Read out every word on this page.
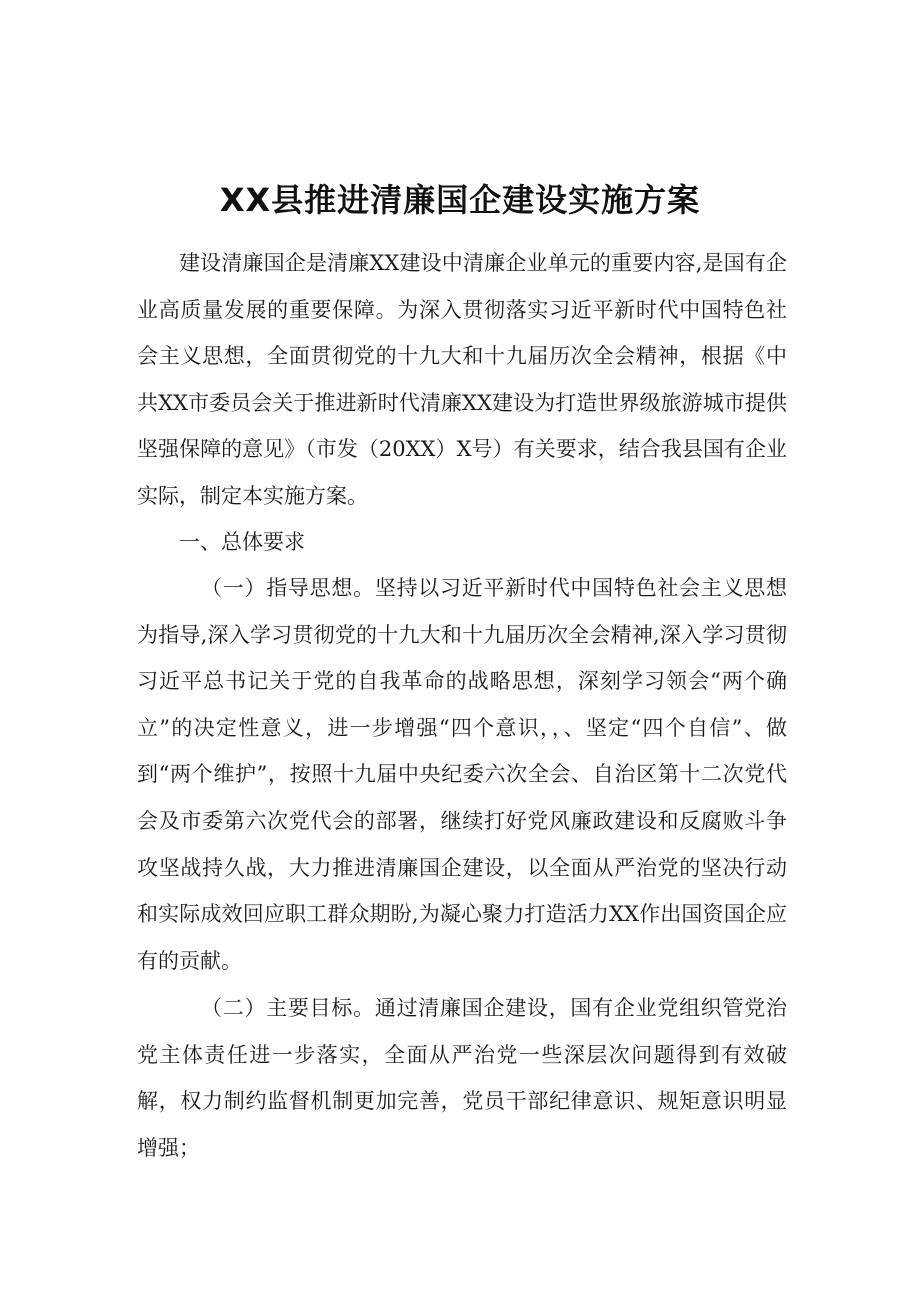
XX县推进清廉国企建设实施方案

建设清廉国企是清廉XX建设中清廉企业单元的重要内容,是国有企业高质量发展的重要保障。为深入贯彻落实习近平新时代中国特色社会主义思想，全面贯彻党的十九大和十九届历次全会精神，根据《中共XX市委员会关于推进新时代清廉XX建设为打造世界级旅游城市提供坚强保障的意见》（市发（20XX）X号）有关要求，结合我县国有企业实际，制定本实施方案。

一、总体要求

（一）指导思想。坚持以习近平新时代中国特色社会主义思想为指导,深入学习贯彻党的十九大和十九届历次全会精神,深入学习贯彻习近平总书记关于党的自我革命的战略思想，深刻学习领会“两个确立”的决定性意义，进一步增强“四个意识，，、坚定“四个自信”、做到“两个维护”，按照十九届中央纪委六次全会、自治区第十二次党代会及市委第六次党代会的部署，继续打好党风廉政建设和反腐败斗争攻坚战持久战，大力推进清廉国企建设，以全面从严治党的坚决行动和实际成效回应职工群众期盼,为凝心聚力打造活力XX作出国资国企应有的贡献。

（二）主要目标。通过清廉国企建设，国有企业党组织管党治党主体责任进一步落实，全面从严治党一些深层次问题得到有效破解，权力制约监督机制更加完善，党员干部纪律意识、规矩意识明显增强；
